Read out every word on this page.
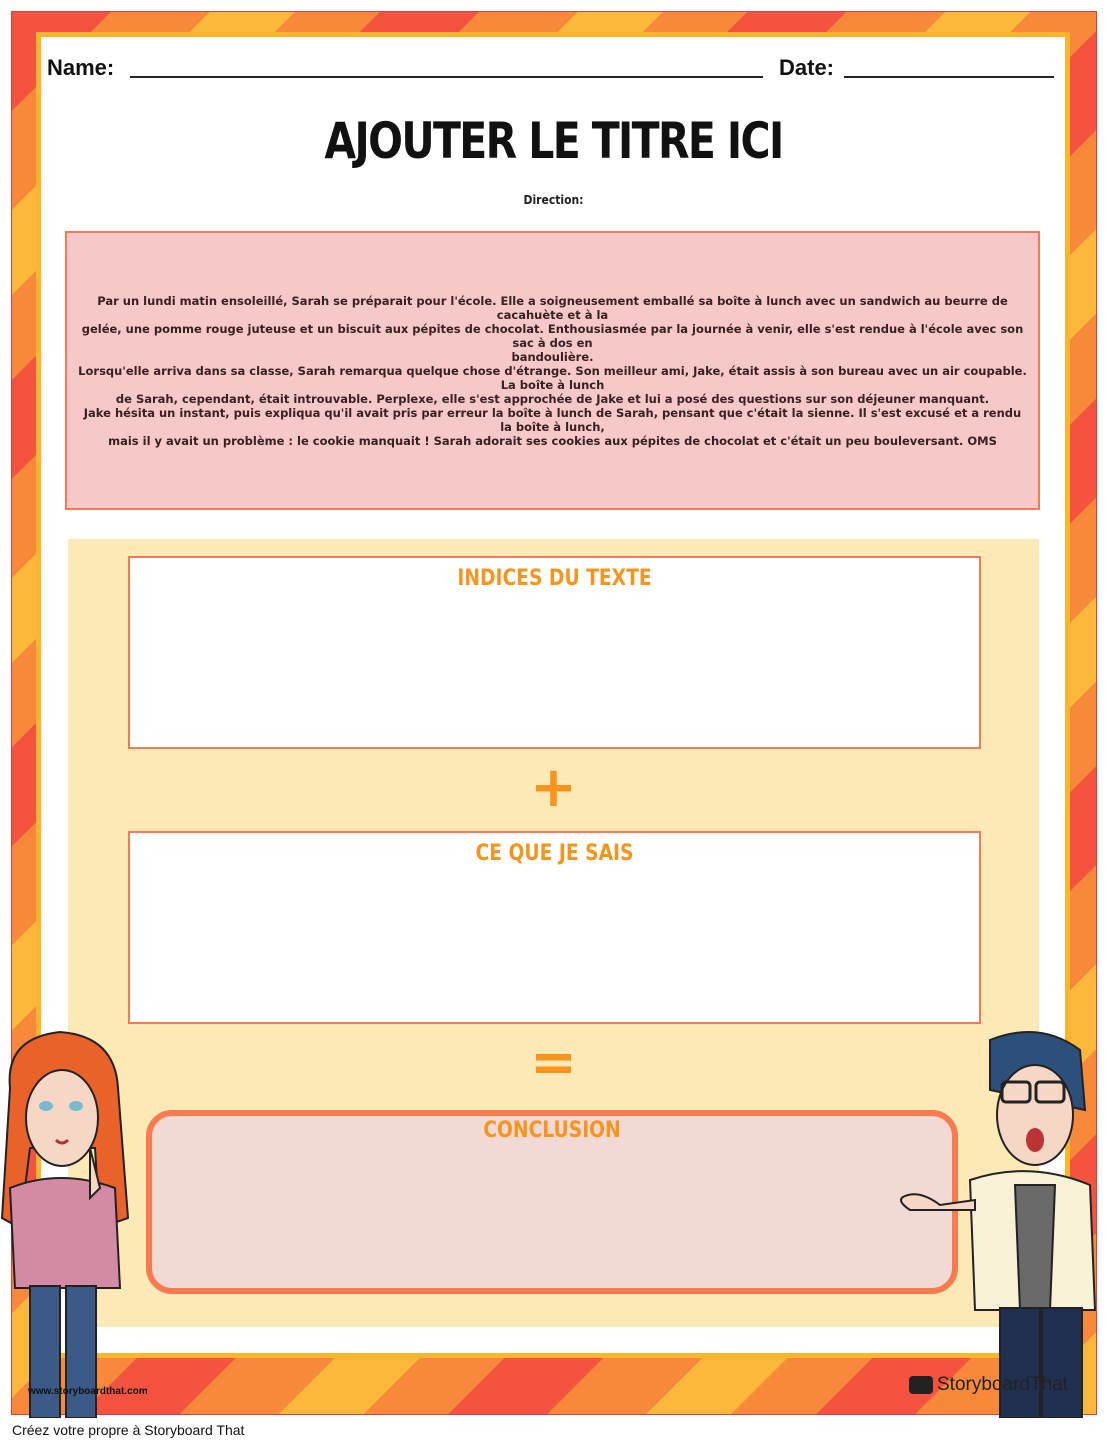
Name:	Date:
AJOUTER LE TITRE ICI
Direction:
Par un lundi matin ensoleillé, Sarah se préparait pour l'école. Elle a soigneusement emballé sa boîte à lunch avec un sandwich au beurre de cacahuète et à la
gelée, une pomme rouge juteuse et un biscuit aux pépites de chocolat. Enthousiasmée par la journée à venir, elle s'est rendue à l'école avec son sac à dos en
bandoulière.
Lorsqu'elle arriva dans sa classe, Sarah remarqua quelque chose d'étrange. Son meilleur ami, Jake, était assis à son bureau avec un air coupable. La boîte à lunch
de Sarah, cependant, était introuvable. Perplexe, elle s'est approchée de Jake et lui a posé des questions sur son déjeuner manquant.
Jake hésita un instant, puis expliqua qu'il avait pris par erreur la boîte à lunch de Sarah, pensant que c'était la sienne. Il s'est excusé et a rendu la boîte à lunch,
mais il y avait un problème : le cookie manquait ! Sarah adorait ses cookies aux pépites de chocolat et c'était un peu bouleversant. OMS
INDICES DU TEXTE
+
CE QUE JE SAIS
=
CONCLUSION
www.storyboardthat.com	StoryboardThat
Créez votre propre à Storyboard That
